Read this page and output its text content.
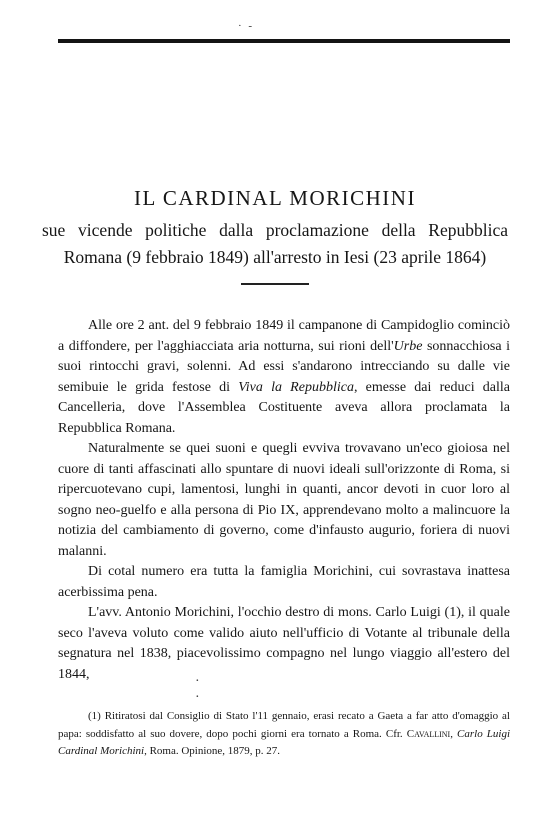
· -
IL CARDINAL MORICHINI

sue vicende politiche dalla proclamazione della Repubblica Romana (9 febbraio 1849) all'arresto in Iesi (23 aprile 1864)

Alle ore 2 ant. del 9 febbraio 1849 il campanone di Campidoglio cominciò a diffondere, per l'agghiacciata aria notturna, sui rioni dell'Urbe sonnacchiosa i suoi rintocchi gravi, solenni. Ad essi s'andarono intrecciando su dalle vie semibuie le grida festose di Viva la Repubblica, emesse dai reduci dalla Cancelleria, dove l'Assemblea Costituente aveva allora proclamata la Repubblica Romana.

Naturalmente se quei suoni e quegli evviva trovavano un'eco gioiosa nel cuore di tanti affascinati allo spuntare di nuovi ideali sull'orizzonte di Roma, si ripercuotevano cupi, lamentosi, lunghi in quanti, ancor devoti in cuor loro al sogno neo-guelfo e alla persona di Pio IX, apprendevano molto a malincuore la notizia del cambiamento di governo, come d'infausto augurio, foriera di nuovi malanni.

Di cotal numero era tutta la famiglia Morichini, cui sovrastava inattesa acerbissima pena.

L'avv. Antonio Morichini, l'occhio destro di mons. Carlo Luigi (1), il quale seco l'aveva voluto come valido aiuto nell'ufficio di Votante al tribunale della segnatura nel 1838, piacevolissimo compagno nel lungo viaggio all'estero del 1844,	· ·

(1) Ritiratosi dal Consiglio di Stato l'11 gennaio, erasi recato a Gaeta a far atto d'omaggio al papa: soddisfatto al suo dovere, dopo pochi giorni era tornato a Roma. Cfr. Cavallini, Carlo Luigi Cardinal Morichini, Roma. Opinione, 1879, p. 27.
